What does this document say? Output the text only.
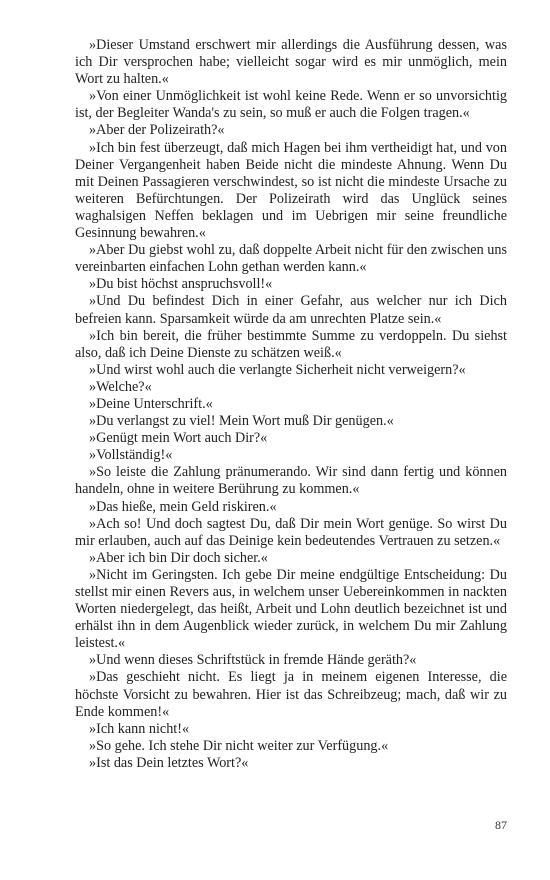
»Dieser Umstand erschwert mir allerdings die Ausführung dessen, was ich Dir versprochen habe; vielleicht sogar wird es mir unmöglich, mein Wort zu halten.«

»Von einer Unmöglichkeit ist wohl keine Rede. Wenn er so unvorsichtig ist, der Begleiter Wanda's zu sein, so muß er auch die Folgen tragen.«

»Aber der Polizeirath?«

»Ich bin fest überzeugt, daß mich Hagen bei ihm vertheidigt hat, und von Deiner Vergangenheit haben Beide nicht die mindeste Ahnung. Wenn Du mit Deinen Passagieren verschwindest, so ist nicht die mindeste Ursache zu weiteren Befürchtungen. Der Polizeirath wird das Unglück seines waghalsigen Neffen beklagen und im Uebrigen mir seine freundliche Gesinnung bewahren.«

»Aber Du giebst wohl zu, daß doppelte Arbeit nicht für den zwischen uns vereinbarten einfachen Lohn gethan werden kann.«

»Du bist höchst anspruchsvoll!«

»Und Du befindest Dich in einer Gefahr, aus welcher nur ich Dich befreien kann. Sparsamkeit würde da am unrechten Platze sein.«

»Ich bin bereit, die früher bestimmte Summe zu verdoppeln. Du siehst also, daß ich Deine Dienste zu schätzen weiß.«

»Und wirst wohl auch die verlangte Sicherheit nicht verweigern?«

»Welche?«

»Deine Unterschrift.«

»Du verlangst zu viel! Mein Wort muß Dir genügen.«

»Genügt mein Wort auch Dir?«

»Vollständig!«

»So leiste die Zahlung pränumerando. Wir sind dann fertig und können handeln, ohne in weitere Berührung zu kommen.«

»Das hieße, mein Geld riskiren.«

»Ach so! Und doch sagtest Du, daß Dir mein Wort genüge. So wirst Du mir erlauben, auch auf das Deinige kein bedeutendes Vertrauen zu setzen.«

»Aber ich bin Dir doch sicher.«

»Nicht im Geringsten. Ich gebe Dir meine endgültige Entscheidung: Du stellst mir einen Revers aus, in welchem unser Uebereinkommen in nackten Worten niedergelegt, das heißt, Arbeit und Lohn deutlich bezeichnet ist und erhälst ihn in dem Augenblick wieder zurück, in welchem Du mir Zahlung leistest.«

»Und wenn dieses Schriftstück in fremde Hände geräth?«

»Das geschieht nicht. Es liegt ja in meinem eigenen Interesse, die höchste Vorsicht zu bewahren. Hier ist das Schreibzeug; mach, daß wir zu Ende kommen!«

»Ich kann nicht!«

»So gehe. Ich stehe Dir nicht weiter zur Verfügung.«

»Ist das Dein letztes Wort?«

87
